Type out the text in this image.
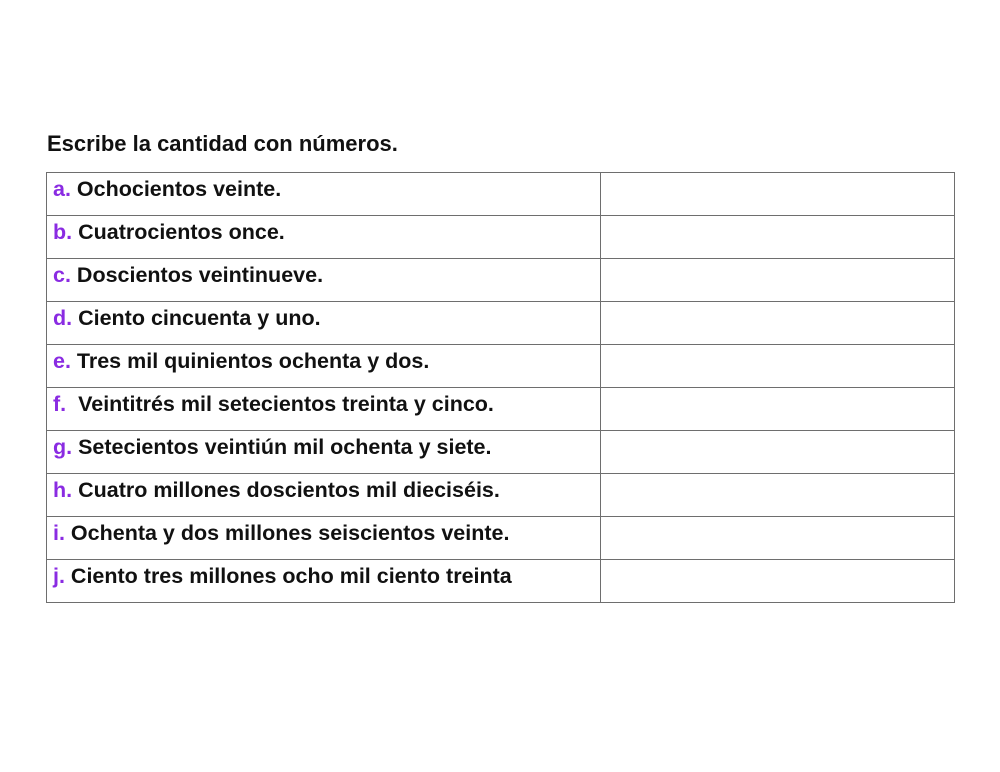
Escribe la cantidad con números.
a. Ochocientos veinte.	
b. Cuatrocientos once.	
c. Doscientos veintinueve.	
d. Ciento cincuenta y uno.	
e. Tres mil quinientos ochenta y dos.	
f.  Veintitrés mil setecientos treinta y cinco.	
g. Setecientos veintiún mil ochenta y siete.	
h. Cuatro millones doscientos mil dieciséis.	
i. Ochenta y dos millones seiscientos veinte.	
j. Ciento tres millones ocho mil ciento treinta	
